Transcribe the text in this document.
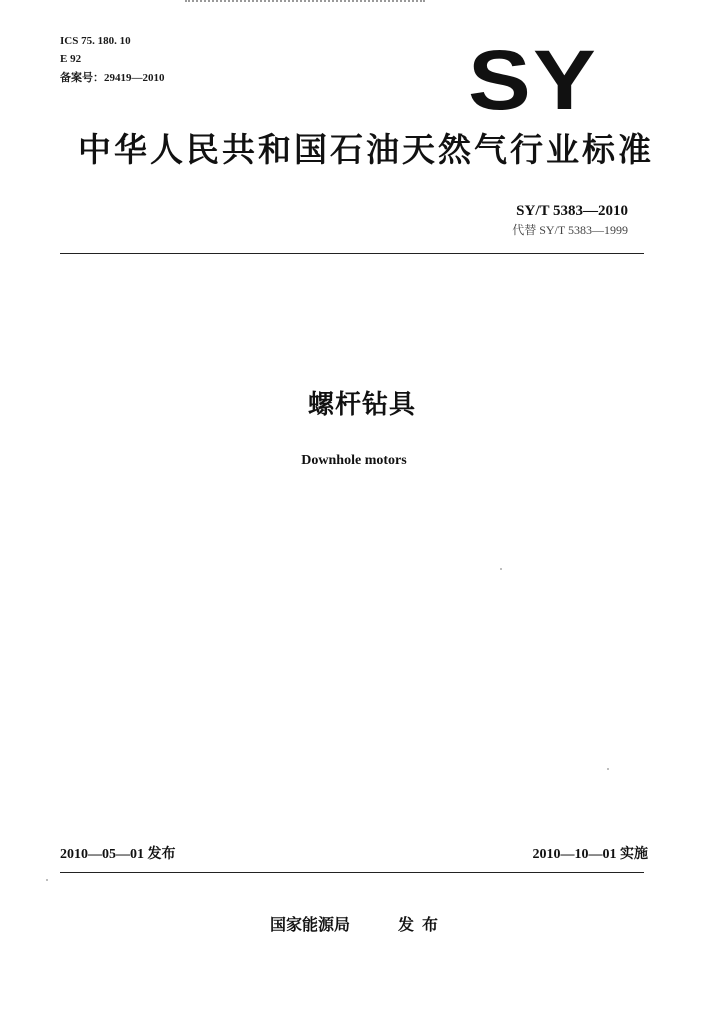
ICS 75. 180. 10
E 92
备案号：29419—2010	SY
中华人民共和国石油天然气行业标准
SY/T 5383—2010
代替 SY/T 5383—1999
螺杆钻具
Downhole motors
2010—05—01 发布	2010—10—01 实施
国家能源局	发布
